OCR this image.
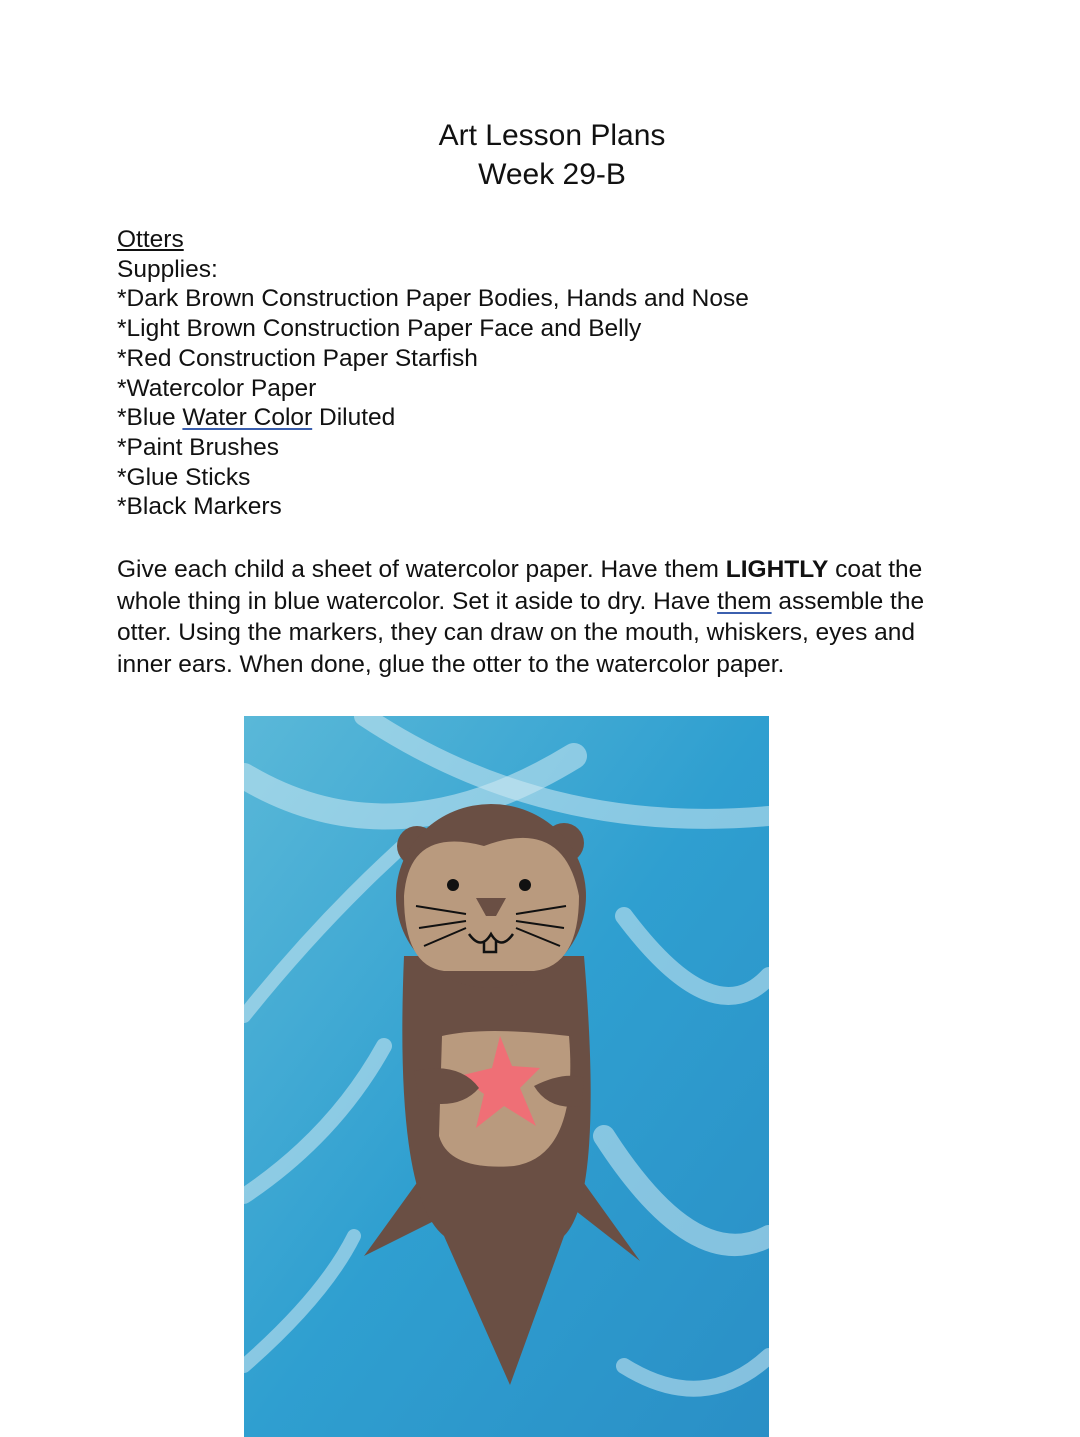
Art Lesson Plans
Week 29-B
Otters
Supplies:
*Dark Brown Construction Paper Bodies, Hands and Nose
*Light Brown Construction Paper Face and Belly
*Red Construction Paper Starfish
*Watercolor Paper
*Blue Water Color Diluted
*Paint Brushes
*Glue Sticks
*Black Markers
Give each child a sheet of watercolor paper. Have them LIGHTLY coat the
whole thing in blue watercolor. Set it aside to dry. Have them assemble the
otter. Using the markers, they can draw on the mouth, whiskers, eyes and
inner ears. When done, glue the otter to the watercolor paper.
